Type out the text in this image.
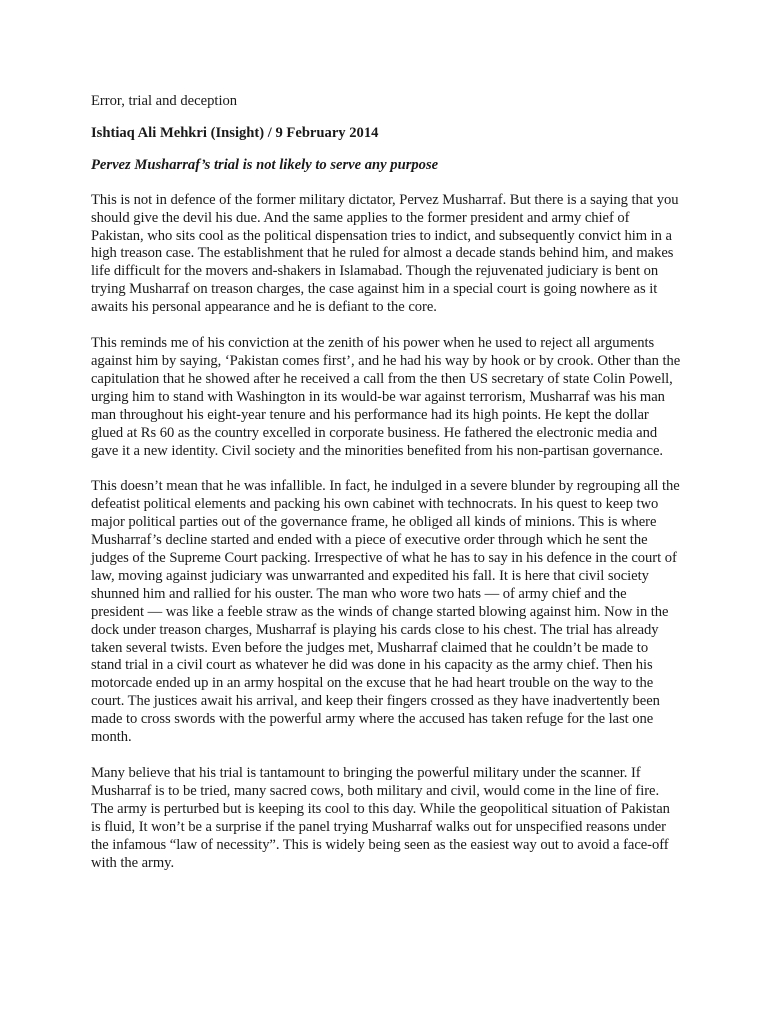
Error, trial and deception

Ishtiaq Ali Mehkri (Insight) / 9 February 2014

Pervez Musharraf’s trial is not likely to serve any purpose

This is not in defence of the former military dictator, Pervez Musharraf. But there is a saying that you should give the devil his due. And the same applies to the former president and army chief of Pakistan, who sits cool as the political dispensation tries to indict, and subsequently convict him in a high treason case. The establishment that he ruled for almost a decade stands behind him, and makes life difficult for the movers and-shakers in Islamabad. Though the rejuvenated judiciary is bent on trying Musharraf on treason charges, the case against him in a special court is going nowhere as it awaits his personal appearance and he is defiant to the core.

This reminds me of his conviction at the zenith of his power when he used to reject all arguments against him by saying, ‘Pakistan comes first’, and he had his way by hook or by crook. Other than the capitulation that he showed after he received a call from the then US secretary of state Colin Powell, urging him to stand with Washington in its would-be war against terrorism, Musharraf was his man man throughout his eight-year tenure and his performance had its high points. He kept the dollar glued at Rs 60 as the country excelled in corporate business. He fathered the electronic media and gave it a new identity. Civil society and the minorities benefited from his non-partisan governance.

This doesn’t mean that he was infallible. In fact, he indulged in a severe blunder by regrouping all the defeatist political elements and packing his own cabinet with technocrats. In his quest to keep two major political parties out of the governance frame, he obliged all kinds of minions. This is where Musharraf’s decline started and ended with a piece of executive order through which he sent the judges of the Supreme Court packing. Irrespective of what he has to say in his defence in the court of law, moving against judiciary was unwarranted and expedited his fall. It is here that civil society shunned him and rallied for his ouster. The man who wore two hats — of army chief and the president — was like a feeble straw as the winds of change started blowing against him. Now in the dock under treason charges, Musharraf is playing his cards close to his chest. The trial has already taken several twists. Even before the judges met, Musharraf claimed that he couldn’t be made to stand trial in a civil court as whatever he did was done in his capacity as the army chief. Then his motorcade ended up in an army hospital on the excuse that he had heart trouble on the way to the court. The justices await his arrival, and keep their fingers crossed as they have inadvertently been made to cross swords with the powerful army where the accused has taken refuge for the last one month.

Many believe that his trial is tantamount to bringing the powerful military under the scanner. If Musharraf is to be tried, many sacred cows, both military and civil, would come in the line of fire. The army is perturbed but is keeping its cool to this day. While the geopolitical situation of Pakistan is fluid, It won’t be a surprise if the panel trying Musharraf walks out for unspecified reasons under the infamous “law of necessity”. This is widely being seen as the easiest way out to avoid a face-off with the army.
